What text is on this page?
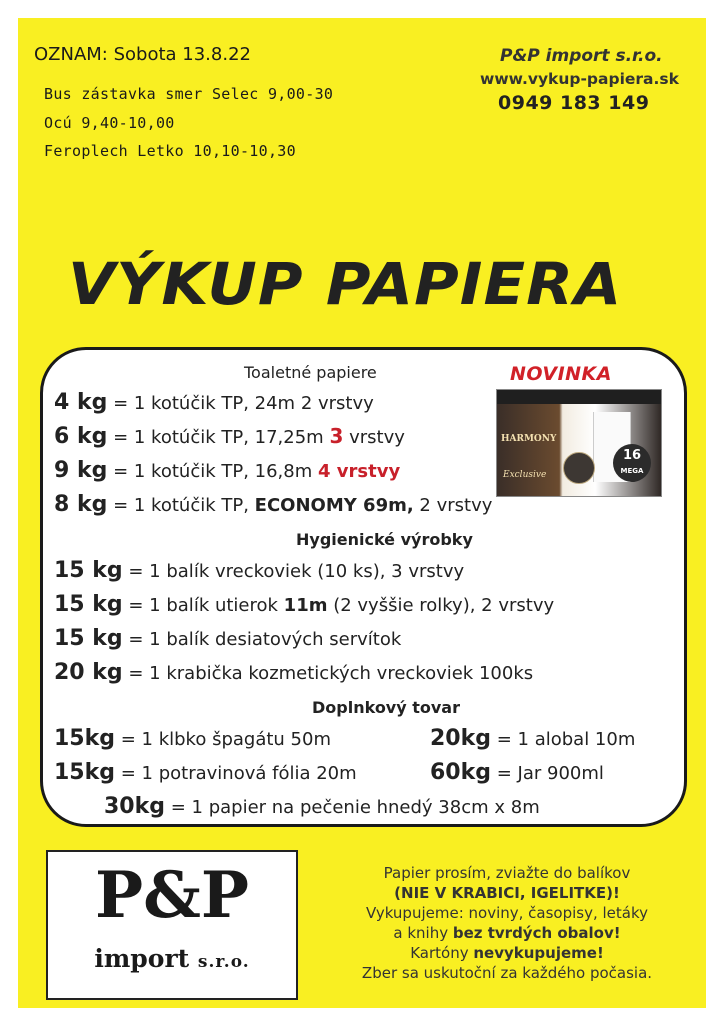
OZNAM: Sobota 13.8.22
Bus zástavka smer Selec 9,00-30
Ocú 9,40-10,00
Feroplech Letko 10,10-10,30
P&P import s.r.o.
www.vykup-papiera.sk
0949 183 149
VÝKUP PAPIERA
Toaletné papiere	NOVINKA
HARMONY
Exclusive
16
MEGA
4 kg = 1 kotúčik TP, 24m 2 vrstvy
6 kg = 1 kotúčik TP, 17,25m 3 vrstvy
9 kg = 1 kotúčik TP, 16,8m 4 vrstvy
8 kg = 1 kotúčik TP, ECONOMY 69m, 2 vrstvy
Hygienické výrobky
15 kg = 1 balík vreckoviek (10 ks), 3 vrstvy
15 kg = 1 balík utierok 11m (2 vyššie rolky), 2 vrstvy
15 kg = 1 balík desiatových servítok
20 kg = 1 krabička kozmetických vreckoviek 100ks
Doplnkový tovar
15kg = 1 klbko špagátu 50m	20kg = 1 alobal 10m
15kg = 1 potravinová fólia 20m	60kg = Jar 900ml
30kg = 1 papier na pečenie hnedý 38cm x 8m
P&P
import s.r.o.
Papier prosím, zviažte do balíkov
(NIE V KRABICI, IGELITKE)!
Vykupujeme: noviny, časopisy, letáky
a knihy bez tvrdých obalov!
Kartóny nevykupujeme!
Zber sa uskutoční za každého počasia.
